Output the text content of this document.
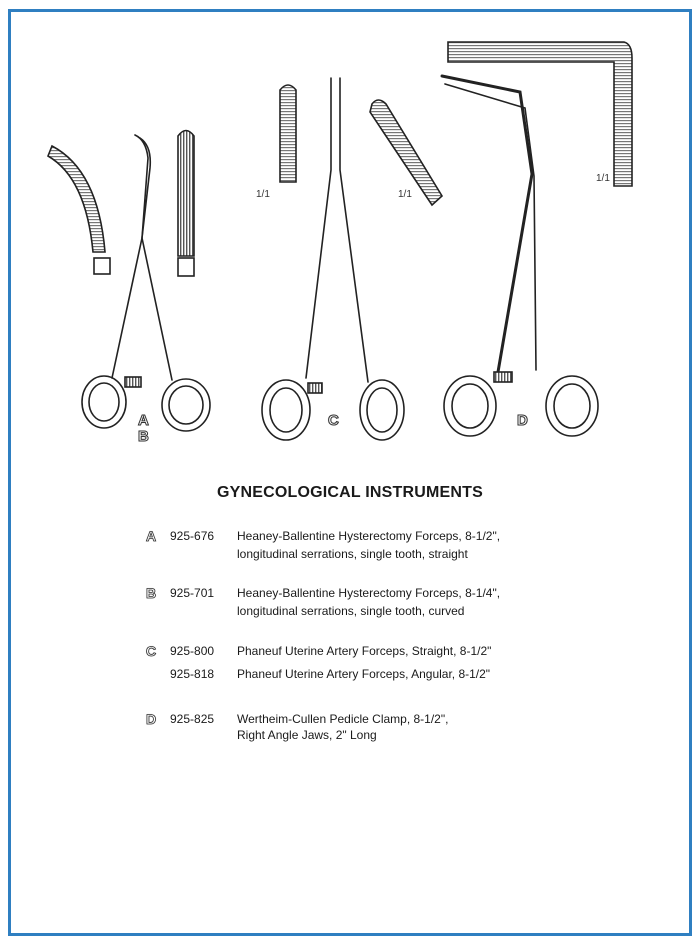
A
B
C	D
1/1	1/1
1/1
GYNECOLOGICAL INSTRUMENTS
A	925-676	Heaney-Ballentine Hysterectomy Forceps, 8-1/2",
longitudinal serrations, single tooth, straight
B	925-701	Heaney-Ballentine Hysterectomy Forceps, 8-1/4",
longitudinal serrations, single tooth, curved
C	925-800	Phaneuf Uterine Artery Forceps, Straight, 8-1/2"
925-818	Phaneuf Uterine Artery Forceps, Angular, 8-1/2"
D	925-825	Wertheim-Cullen Pedicle Clamp, 8-1/2",
Right Angle Jaws, 2" Long
